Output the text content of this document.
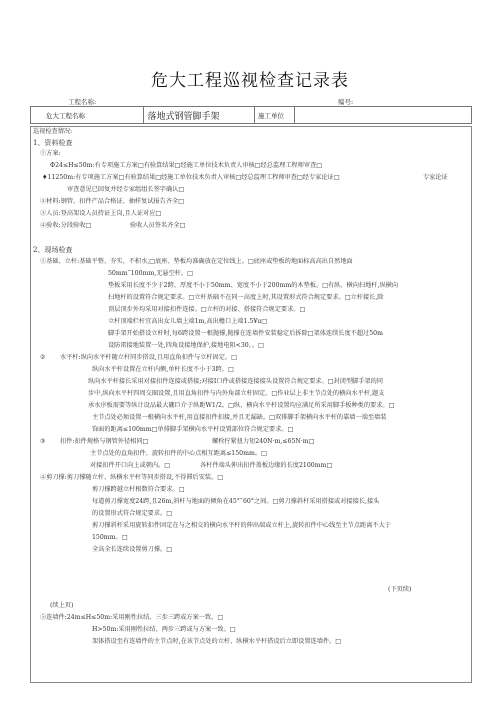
危大工程巡视检查记录表
工程名称:	编号:
危大工程名称	落地式钢管脚手架	施工单位
巡视检查情况:
1、资料检查
①方案:
Φ24≤H≤50m:有专项施工方案□有验算结果□经施工单位技术负责人审核□经总监理工程师审查□
♦11250m:有专项施工方案□有验算结果□经施工单位技术负责人审核□经总监理工程师审查□经专家论证□	专家论证
审查意见已回复并经专家组组长签字确认□
②材料:钢管、扣件产品合格证、抽样复试报告齐全□
③人员:登高架设人员持证上岗,且人证对应□
④验收:分段验收□	验收人员签名齐全□
2、现场检查
①基础、立杆:基础平整、夯实、不积水,□底座、垫板均准确放在定位线上。□底座或垫板的地面标高高出自然地面
50mm˜100mm,无悬空杆。□
垫板采用长度不少于2跨、厚度不小于50mm、宽度不小于200mm的木垫板。□有纵、横向扫地杆,纵横向
扫地杆的设置符合规定要求。□立杆基础不在同一高度上时,其设置形式符合规定要求。□立杆接长,除
顶层顶步外均采用对接扣件连接。□立杆的对接、搭接符合规定要求。□
立杆顶端栏杆宜高出女儿墙上端1m,高出檐口上端1.5¥u□
脚手架开始搭设立杆时,每6跨设置一根抛撑,抛撑在连墙件安装稳定后拆除□架体连续长度不超过50m
设防雷接地装置一处,四角设接地保护,接地电阻<30。。□
② 水平杆:纵向水平杆随立杆同步搭设,且用直角扣件与立杆固定。□
纵向水平杆设置在立杆内侧,单杆长度不小于3跨。□
纵向水平杆接长采用对接扣件连接或搭接;对接Ⅰ口件或搭接连接接头设置符合规定要求。□封闭型脚手架的同
步中,纵向水平杆四周交圈设置,且用直角扣件与内外角部立杆固定。□作业层上非主节点处的横向水平杆,题支
承水序板需要等纵计设品最大硼巨介于纵距W1/2。□纵、横向水平杆设置均应满足所采用脚手板种类的要求。□
主节点处必须设置一根横向水平杆,用直接扣件扣接,并且无漏缺。□双排脚手架横向水平杆的靠墙一端至墙装
饰面的距离≤100mm□单排脚手架横向水平杆设置部位符合规定要求。□
③ 扣件:扣件规格与钢管外径相同□	螺栓拧紧扭力矩240N·m,≤65N·m□
主节点处的直角扣件、旋转扣件的中心点相互距离≤150mm。□
对接扣件开口向上或朝内。□	各杆件端头伸出扣件盖板边缘的长度2100mm□
④剪刀撑:剪刀撑随立杆、纵横水平杆等同步搭设,不得滞后安装。□
剪刀撑跨越立杆根数符合要求。□
每道剪刀撑宽度24跨,且26m,斜杆与地面的倾角在45°˜60°之间。□剪刀撑斜杆采用搭接或对接接长,接头
的设置形式符合规定要求。□
剪刀撑斜杆采用旋转扣件固定在与之相交的横向水平杆的伸出端或立杆上,旋转扣件中心线至主节点距离不大于
150mm。□
全高全长连续设置剪刀撑。□
(下页续)
(续上页)
⑤连墙件:24m≤H≤50m:采用刚性拉结、三步三跨或方案一致。□
H>50m:采用刚性拉结、两步三跨或与方案一致。□
架体搭设至有连墙件的主节点时,在该节点处的立杆、纵横水平杆搭设后立即设置连墙件。□
